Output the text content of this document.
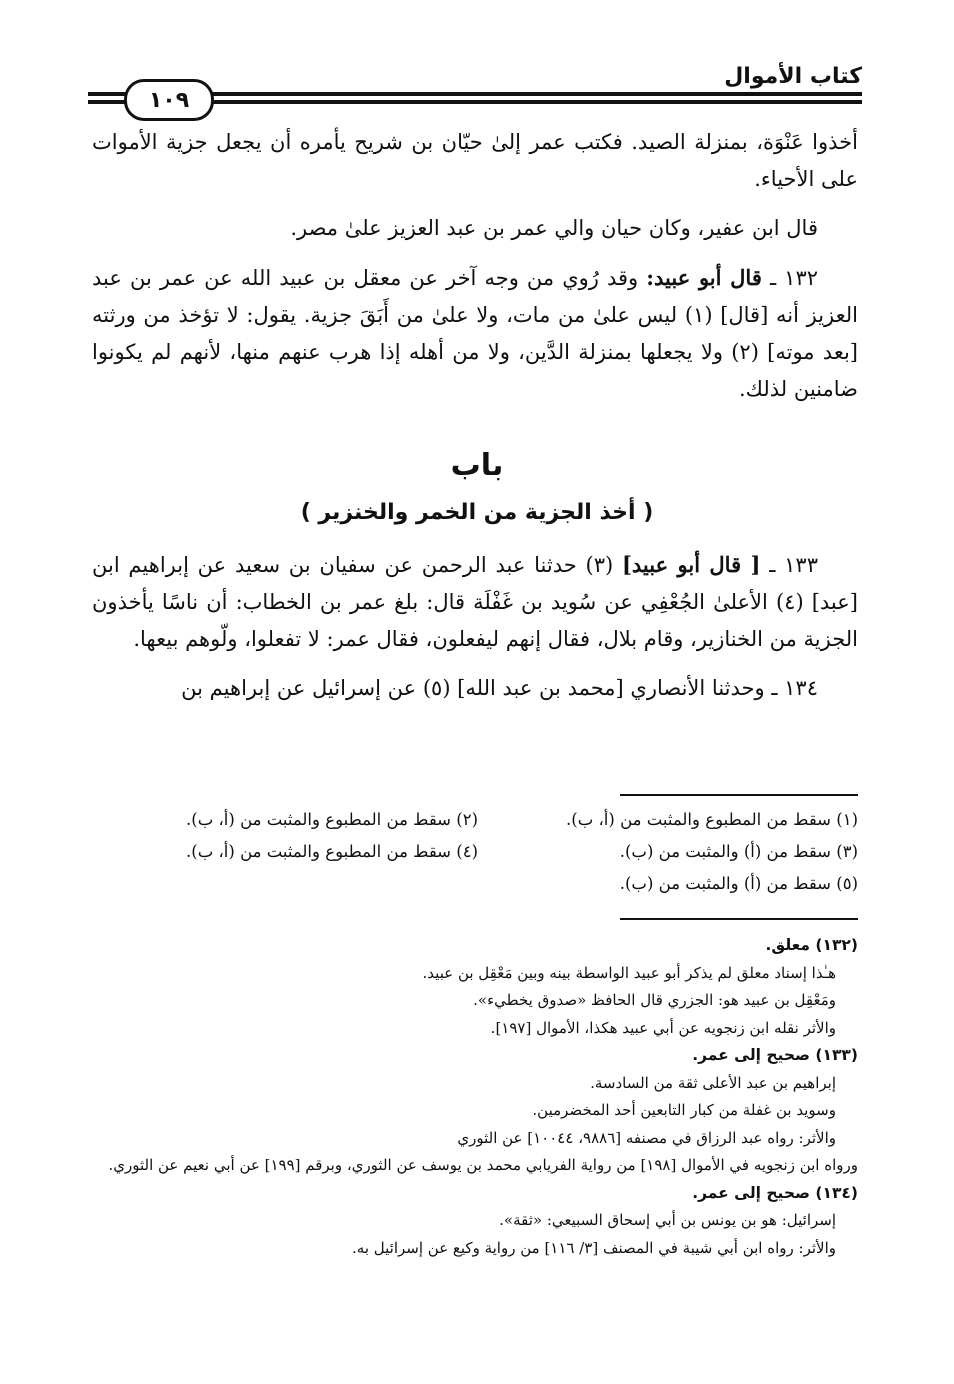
كتاب الأموال
١٠٩

أخذوا عَنْوَة، بمنزلة الصيد. فكتب عمر إلىٰ حيّان بن شريح يأمره أن يجعل جزية الأموات على الأحياء.

قال ابن عفير، وكان حيان والي عمر بن عبد العزيز علىٰ مصر.

١٣٢ ـ قال أبو عبيد: وقد رُوي من وجه آخر عن معقل بن عبيد الله عن عمر بن عبد العزيز أنه [قال] (١) ليس علىٰ من مات، ولا علىٰ من أَبَقَ جزية. يقول: لا تؤخذ من ورثته [بعد موته] (٢) ولا يجعلها بمنزلة الدَّين، ولا من أهله إذا هرب عنهم منها، لأنهم لم يكونوا ضامنين لذلك.

باب
( أخذ الجزية من الخمر والخنزير )

١٣٣ ـ [ قال أبو عبيد] (٣) حدثنا عبد الرحمن عن سفيان بن سعيد عن إبراهيم ابن [عبد] (٤) الأعلىٰ الجُعْفِي عن سُويد بن غَفْلَة قال: بلغ عمر بن الخطاب: أن ناسًا يأخذون الجزية من الخنازير، وقام بلال، فقال إنهم ليفعلون، فقال عمر: لا تفعلوا، ولّوهم بيعها.

١٣٤ ـ وحدثنا الأنصاري [محمد بن عبد الله] (٥) عن إسرائيل عن إبراهيم بن

(١) سقط من المطبوع والمثبت من (أ، ب).
(٢) سقط من المطبوع والمثبت من (أ، ب).
(٣) سقط من (أ) والمثبت من (ب).
(٤) سقط من المطبوع والمثبت من (أ، ب).
(٥) سقط من (أ) والمثبت من (ب).
(١٣٢) معلق.
هـٰذا إسناد معلق لم يذكر أبو عبيد الواسطة بينه وبين مَعْقِل بن عبيد.
ومَعْقِل بن عبيد هو: الجزري قال الحافظ «صدوق يخطيء».
والأثر نقله ابن زنجويه عن أبي عبيد هكذا، الأموال [١٩٧].
(١٣٣) صحيح إلى عمر.
إبراهيم بن عبد الأعلى ثقة من السادسة.
وسويد بن غفلة من كبار التابعين أحد المخضرمين.
والأثر: رواه عبد الرزاق في مصنفه [٩٨٨٦، ١٠٠٤٤] عن الثوري
ورواه ابن زنجويه في الأموال [١٩٨] من رواية الفريابي محمد بن يوسف عن الثوري، وبرقم [١٩٩] عن أبي نعيم عن الثوري.
(١٣٤) صحيح إلى عمر.
إسرائيل: هو بن يونس بن أبي إسحاق السبيعي: «ثقة».
والأثر: رواه ابن أبي شيبة في المصنف [٣/ ١١٦] من رواية وكيع عن إسرائيل به.
